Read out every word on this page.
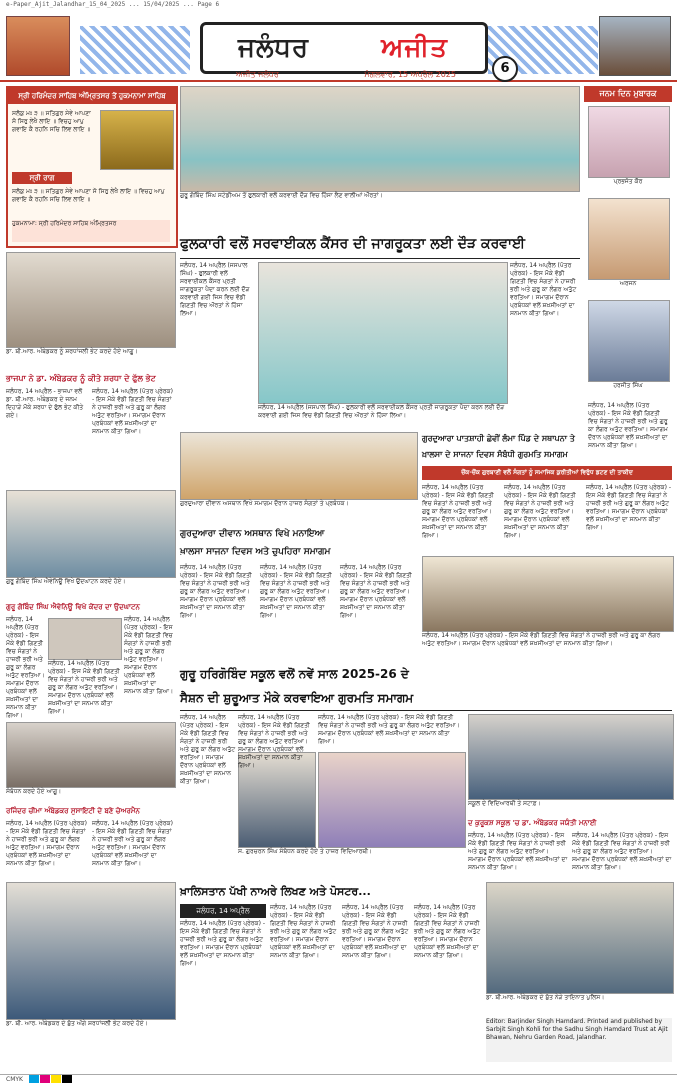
e-Paper_Ajit_Jalandhar_15_04_2025 ... 15/04/2025 ... Page 6
ਜਲੰਧਰ	ਅਜੀਤ
ਅਜੀਤ ਜਲੰਧਰ	ਮੰਗਲਵਾਰ, 15 ਅਪ੍ਰੈਲ 2025	6
ਸ੍ਰੀ ਹਰਿਮੰਦਰ ਸਾਹਿਬ ਅੰਮ੍ਰਿਤਸਰ ਤੋਂ ਹੁਕਮਨਾਮਾ ਸਾਹਿਬ
ਸਲੋਕੁ ਮਃ ੩ ॥ ਸਤਿਗੁਰ ਸੇਵੇ ਆਪਣਾ ਸੋ ਸਿਰੁ ਲੇਖੈ ਲਾਇ ॥ ਵਿਚਹੁ ਆਪੁ ਗਵਾਇ ਕੈ ਰਹਨਿ ਸਚਿ ਲਿਵ ਲਾਇ ॥
ਸ੍ਰੀ ਰਾਗ
ਸਲੋਕੁ ਮਃ ੩ ॥ ਸਤਿਗੁਰ ਸੇਵੇ ਆਪਣਾ ਸੋ ਸਿਰੁ ਲੇਖੈ ਲਾਇ ॥ ਵਿਚਹੁ ਆਪੁ ਗਵਾਇ ਕੈ ਰਹਨਿ ਸਚਿ ਲਿਵ ਲਾਇ ॥
ਹੁਕਮਨਾਮਾ: ਸ੍ਰੀ ਹਰਿਮੰਦਰ ਸਾਹਿਬ ਅੰਮ੍ਰਿਤਸਰ
ਗੁਰੂ ਗੋਬਿੰਦ ਸਿੰਘ ਸਟੇਡੀਅਮ ਤੋਂ ਫੁਲਕਾਰੀ ਵਲੋਂ ਕਰਵਾਈ ਦੌੜ ਵਿਚ ਹਿੱਸਾ ਲੈਣ ਵਾਲੀਆਂ ਔਰਤਾਂ।
ਜਨਮ ਦਿਨ ਮੁਬਾਰਕ
ਪ੍ਰਭਜੋਤ ਕੌਰ
ਅਰਜਨ
ਹਰਜੀਤ ਸਿੰਘ
ਜਲੰਧਰ, 14 ਅਪ੍ਰੈਲ (ਪੱਤਰ ਪ੍ਰੇਰਕ) - ਇਸ ਮੌਕੇ ਵੱਡੀ ਗਿਣਤੀ ਵਿਚ ਸੰਗਤਾਂ ਨੇ ਹਾਜ਼ਰੀ ਭਰੀ ਅਤੇ ਗੁਰੂ ਕਾ ਲੰਗਰ ਅਤੁੱਟ ਵਰਤਿਆ। ਸਮਾਗਮ ਦੌਰਾਨ ਪ੍ਰਬੰਧਕਾਂ ਵਲੋਂ ਸ਼ਖ਼ਸੀਅਤਾਂ ਦਾ ਸਨਮਾਨ ਕੀਤਾ ਗਿਆ।
ਫੁਲਕਾਰੀ ਵਲੋਂ ਸਰਵਾਈਕਲ ਕੈਂਸਰ ਦੀ ਜਾਗਰੂਕਤਾ ਲਈ ਦੌੜ ਕਰਵਾਈ
ਜਲੰਧਰ, 14 ਅਪ੍ਰੈਲ (ਜਸਪਾਲ ਸਿੰਘ) - ਫੁਲਕਾਰੀ ਵਲੋਂ ਸਰਵਾਈਕਲ ਕੈਂਸਰ ਪ੍ਰਤੀ ਜਾਗਰੂਕਤਾ ਪੈਦਾ ਕਰਨ ਲਈ ਦੌੜ ਕਰਵਾਈ ਗਈ ਜਿਸ ਵਿਚ ਵੱਡੀ ਗਿਣਤੀ ਵਿਚ ਔਰਤਾਂ ਨੇ ਹਿੱਸਾ ਲਿਆ।
ਜਲੰਧਰ, 14 ਅਪ੍ਰੈਲ (ਪੱਤਰ ਪ੍ਰੇਰਕ) - ਇਸ ਮੌਕੇ ਵੱਡੀ ਗਿਣਤੀ ਵਿਚ ਸੰਗਤਾਂ ਨੇ ਹਾਜ਼ਰੀ ਭਰੀ ਅਤੇ ਗੁਰੂ ਕਾ ਲੰਗਰ ਅਤੁੱਟ ਵਰਤਿਆ। ਸਮਾਗਮ ਦੌਰਾਨ ਪ੍ਰਬੰਧਕਾਂ ਵਲੋਂ ਸ਼ਖ਼ਸੀਅਤਾਂ ਦਾ ਸਨਮਾਨ ਕੀਤਾ ਗਿਆ।
ਜਲੰਧਰ, 14 ਅਪ੍ਰੈਲ (ਜਸਪਾਲ ਸਿੰਘ) - ਫੁਲਕਾਰੀ ਵਲੋਂ ਸਰਵਾਈਕਲ ਕੈਂਸਰ ਪ੍ਰਤੀ ਜਾਗਰੂਕਤਾ ਪੈਦਾ ਕਰਨ ਲਈ ਦੌੜ ਕਰਵਾਈ ਗਈ ਜਿਸ ਵਿਚ ਵੱਡੀ ਗਿਣਤੀ ਵਿਚ ਔਰਤਾਂ ਨੇ ਹਿੱਸਾ ਲਿਆ।
ਡਾ. ਬੀ.ਆਰ. ਅੰਬੇਡਕਰ ਨੂੰ ਸ਼ਰਧਾਂਜਲੀ ਭੇਟ ਕਰਦੇ ਹੋਏ ਆਗੂ।
ਭਾਜਪਾ ਨੇ ਡਾ. ਅੰਬੇਡਕਰ ਨੂੰ ਕੀਤੇ ਸ਼ਰਧਾ ਦੇ ਫੁੱਲ ਭੇਟ
ਜਲੰਧਰ, 14 ਅਪ੍ਰੈਲ - ਭਾਜਪਾ ਵਲੋਂ ਡਾ. ਬੀ.ਆਰ. ਅੰਬੇਡਕਰ ਦੇ ਜਨਮ ਦਿਹਾੜੇ ਮੌਕੇ ਸ਼ਰਧਾ ਦੇ ਫੁੱਲ ਭੇਟ ਕੀਤੇ ਗਏ।
ਜਲੰਧਰ, 14 ਅਪ੍ਰੈਲ (ਪੱਤਰ ਪ੍ਰੇਰਕ) - ਇਸ ਮੌਕੇ ਵੱਡੀ ਗਿਣਤੀ ਵਿਚ ਸੰਗਤਾਂ ਨੇ ਹਾਜ਼ਰੀ ਭਰੀ ਅਤੇ ਗੁਰੂ ਕਾ ਲੰਗਰ ਅਤੁੱਟ ਵਰਤਿਆ। ਸਮਾਗਮ ਦੌਰਾਨ ਪ੍ਰਬੰਧਕਾਂ ਵਲੋਂ ਸ਼ਖ਼ਸੀਅਤਾਂ ਦਾ ਸਨਮਾਨ ਕੀਤਾ ਗਿਆ।
ਗੁਰਦੁਆਰਾ ਦੀਵਾਨ ਅਸਥਾਨ ਵਿਖੇ ਸਮਾਗਮ ਦੌਰਾਨ ਹਾਜ਼ਰ ਸੰਗਤਾਂ ਤੇ ਪ੍ਰਬੰਧਕ।
ਗੁਰਦੁਆਰਾ ਪਾਤਸ਼ਾਹੀ ਛੇਵੀਂ ਲੰਮਾ ਪਿੰਡ ਦੇ ਸਥਾਪਨਾ ਤੇ
ਖ਼ਾਲਸਾ ਦੇ ਸਾਜਨਾ ਦਿਵਸ ਸੰਬੰਧੀ ਗੁਰਮਤਿ ਸਮਾਗਮ
ਚੌਂਕ-ਚੌਂਕ ਗੁਰਬਾਣੀ ਵਲੋਂ ਸੰਗਤਾਂ ਨੂੰ ਸਮਾਜਿਕ ਕੁਰੀਤੀਆਂ ਵਿਰੁੱਧ ਡਟਣ ਦੀ ਤਾਕੀਦ
ਜਲੰਧਰ, 14 ਅਪ੍ਰੈਲ (ਪੱਤਰ ਪ੍ਰੇਰਕ) - ਇਸ ਮੌਕੇ ਵੱਡੀ ਗਿਣਤੀ ਵਿਚ ਸੰਗਤਾਂ ਨੇ ਹਾਜ਼ਰੀ ਭਰੀ ਅਤੇ ਗੁਰੂ ਕਾ ਲੰਗਰ ਅਤੁੱਟ ਵਰਤਿਆ। ਸਮਾਗਮ ਦੌਰਾਨ ਪ੍ਰਬੰਧਕਾਂ ਵਲੋਂ ਸ਼ਖ਼ਸੀਅਤਾਂ ਦਾ ਸਨਮਾਨ ਕੀਤਾ ਗਿਆ।
ਜਲੰਧਰ, 14 ਅਪ੍ਰੈਲ (ਪੱਤਰ ਪ੍ਰੇਰਕ) - ਇਸ ਮੌਕੇ ਵੱਡੀ ਗਿਣਤੀ ਵਿਚ ਸੰਗਤਾਂ ਨੇ ਹਾਜ਼ਰੀ ਭਰੀ ਅਤੇ ਗੁਰੂ ਕਾ ਲੰਗਰ ਅਤੁੱਟ ਵਰਤਿਆ। ਸਮਾਗਮ ਦੌਰਾਨ ਪ੍ਰਬੰਧਕਾਂ ਵਲੋਂ ਸ਼ਖ਼ਸੀਅਤਾਂ ਦਾ ਸਨਮਾਨ ਕੀਤਾ ਗਿਆ।
ਜਲੰਧਰ, 14 ਅਪ੍ਰੈਲ (ਪੱਤਰ ਪ੍ਰੇਰਕ) - ਇਸ ਮੌਕੇ ਵੱਡੀ ਗਿਣਤੀ ਵਿਚ ਸੰਗਤਾਂ ਨੇ ਹਾਜ਼ਰੀ ਭਰੀ ਅਤੇ ਗੁਰੂ ਕਾ ਲੰਗਰ ਅਤੁੱਟ ਵਰਤਿਆ। ਸਮਾਗਮ ਦੌਰਾਨ ਪ੍ਰਬੰਧਕਾਂ ਵਲੋਂ ਸ਼ਖ਼ਸੀਅਤਾਂ ਦਾ ਸਨਮਾਨ ਕੀਤਾ ਗਿਆ।
ਜਲੰਧਰ, 14 ਅਪ੍ਰੈਲ (ਪੱਤਰ ਪ੍ਰੇਰਕ) - ਇਸ ਮੌਕੇ ਵੱਡੀ ਗਿਣਤੀ ਵਿਚ ਸੰਗਤਾਂ ਨੇ ਹਾਜ਼ਰੀ ਭਰੀ ਅਤੇ ਗੁਰੂ ਕਾ ਲੰਗਰ ਅਤੁੱਟ ਵਰਤਿਆ। ਸਮਾਗਮ ਦੌਰਾਨ ਪ੍ਰਬੰਧਕਾਂ ਵਲੋਂ ਸ਼ਖ਼ਸੀਅਤਾਂ ਦਾ ਸਨਮਾਨ ਕੀਤਾ ਗਿਆ।
ਗੁਰਦੁਆਰਾ ਦੀਵਾਨ ਅਸਥਾਨ ਵਿਖੇ ਮਨਾਇਆ
ਖ਼ਾਲਸਾ ਸਾਜਨਾ ਦਿਵਸ ਅਤੇ ਚੁਪਹਿਰਾ ਸਮਾਗਮ
ਜਲੰਧਰ, 14 ਅਪ੍ਰੈਲ (ਪੱਤਰ ਪ੍ਰੇਰਕ) - ਇਸ ਮੌਕੇ ਵੱਡੀ ਗਿਣਤੀ ਵਿਚ ਸੰਗਤਾਂ ਨੇ ਹਾਜ਼ਰੀ ਭਰੀ ਅਤੇ ਗੁਰੂ ਕਾ ਲੰਗਰ ਅਤੁੱਟ ਵਰਤਿਆ। ਸਮਾਗਮ ਦੌਰਾਨ ਪ੍ਰਬੰਧਕਾਂ ਵਲੋਂ ਸ਼ਖ਼ਸੀਅਤਾਂ ਦਾ ਸਨਮਾਨ ਕੀਤਾ ਗਿਆ।
ਜਲੰਧਰ, 14 ਅਪ੍ਰੈਲ (ਪੱਤਰ ਪ੍ਰੇਰਕ) - ਇਸ ਮੌਕੇ ਵੱਡੀ ਗਿਣਤੀ ਵਿਚ ਸੰਗਤਾਂ ਨੇ ਹਾਜ਼ਰੀ ਭਰੀ ਅਤੇ ਗੁਰੂ ਕਾ ਲੰਗਰ ਅਤੁੱਟ ਵਰਤਿਆ। ਸਮਾਗਮ ਦੌਰਾਨ ਪ੍ਰਬੰਧਕਾਂ ਵਲੋਂ ਸ਼ਖ਼ਸੀਅਤਾਂ ਦਾ ਸਨਮਾਨ ਕੀਤਾ ਗਿਆ।
ਜਲੰਧਰ, 14 ਅਪ੍ਰੈਲ (ਪੱਤਰ ਪ੍ਰੇਰਕ) - ਇਸ ਮੌਕੇ ਵੱਡੀ ਗਿਣਤੀ ਵਿਚ ਸੰਗਤਾਂ ਨੇ ਹਾਜ਼ਰੀ ਭਰੀ ਅਤੇ ਗੁਰੂ ਕਾ ਲੰਗਰ ਅਤੁੱਟ ਵਰਤਿਆ। ਸਮਾਗਮ ਦੌਰਾਨ ਪ੍ਰਬੰਧਕਾਂ ਵਲੋਂ ਸ਼ਖ਼ਸੀਅਤਾਂ ਦਾ ਸਨਮਾਨ ਕੀਤਾ ਗਿਆ।
ਗੁਰੂ ਗੋਬਿੰਦ ਸਿੰਘ ਐਵੇਨਿਊ ਵਿਖੇ ਉਦਘਾਟਨ ਕਰਦੇ ਹੋਏ।
ਗੁਰੂ ਗੋਬਿੰਦ ਸਿੰਘ ਐਵੇਨਿਊ ਵਿਖੇ ਕੇਂਦਰ ਦਾ ਉਦਘਾਟਨ
ਜਲੰਧਰ, 14 ਅਪ੍ਰੈਲ (ਪੱਤਰ ਪ੍ਰੇਰਕ) - ਇਸ ਮੌਕੇ ਵੱਡੀ ਗਿਣਤੀ ਵਿਚ ਸੰਗਤਾਂ ਨੇ ਹਾਜ਼ਰੀ ਭਰੀ ਅਤੇ ਗੁਰੂ ਕਾ ਲੰਗਰ ਅਤੁੱਟ ਵਰਤਿਆ। ਸਮਾਗਮ ਦੌਰਾਨ ਪ੍ਰਬੰਧਕਾਂ ਵਲੋਂ ਸ਼ਖ਼ਸੀਅਤਾਂ ਦਾ ਸਨਮਾਨ ਕੀਤਾ ਗਿਆ।
ਜਲੰਧਰ, 14 ਅਪ੍ਰੈਲ (ਪੱਤਰ ਪ੍ਰੇਰਕ) - ਇਸ ਮੌਕੇ ਵੱਡੀ ਗਿਣਤੀ ਵਿਚ ਸੰਗਤਾਂ ਨੇ ਹਾਜ਼ਰੀ ਭਰੀ ਅਤੇ ਗੁਰੂ ਕਾ ਲੰਗਰ ਅਤੁੱਟ ਵਰਤਿਆ। ਸਮਾਗਮ ਦੌਰਾਨ ਪ੍ਰਬੰਧਕਾਂ ਵਲੋਂ ਸ਼ਖ਼ਸੀਅਤਾਂ ਦਾ ਸਨਮਾਨ ਕੀਤਾ ਗਿਆ।
ਜਲੰਧਰ, 14 ਅਪ੍ਰੈਲ (ਪੱਤਰ ਪ੍ਰੇਰਕ) - ਇਸ ਮੌਕੇ ਵੱਡੀ ਗਿਣਤੀ ਵਿਚ ਸੰਗਤਾਂ ਨੇ ਹਾਜ਼ਰੀ ਭਰੀ ਅਤੇ ਗੁਰੂ ਕਾ ਲੰਗਰ ਅਤੁੱਟ ਵਰਤਿਆ। ਸਮਾਗਮ ਦੌਰਾਨ ਪ੍ਰਬੰਧਕਾਂ ਵਲੋਂ ਸ਼ਖ਼ਸੀਅਤਾਂ ਦਾ ਸਨਮਾਨ ਕੀਤਾ ਗਿਆ।
ਗੁਰੂ ਹਰਿਗੋਬਿੰਦ ਸਕੂਲ ਵਲੋਂ ਨਵੇਂ ਸਾਲ 2025-26 ਦੇ
ਸੈਸ਼ਨ ਦੀ ਸ਼ੁਰੂਆਤ ਮੌਕੇ ਕਰਵਾਇਆ ਗੁਰਮਤਿ ਸਮਾਗਮ
ਜਲੰਧਰ, 14 ਅਪ੍ਰੈਲ (ਪੱਤਰ ਪ੍ਰੇਰਕ) - ਇਸ ਮੌਕੇ ਵੱਡੀ ਗਿਣਤੀ ਵਿਚ ਸੰਗਤਾਂ ਨੇ ਹਾਜ਼ਰੀ ਭਰੀ ਅਤੇ ਗੁਰੂ ਕਾ ਲੰਗਰ ਅਤੁੱਟ ਵਰਤਿਆ। ਸਮਾਗਮ ਦੌਰਾਨ ਪ੍ਰਬੰਧਕਾਂ ਵਲੋਂ ਸ਼ਖ਼ਸੀਅਤਾਂ ਦਾ ਸਨਮਾਨ ਕੀਤਾ ਗਿਆ।
ਜਲੰਧਰ, 14 ਅਪ੍ਰੈਲ (ਪੱਤਰ ਪ੍ਰੇਰਕ) - ਇਸ ਮੌਕੇ ਵੱਡੀ ਗਿਣਤੀ ਵਿਚ ਸੰਗਤਾਂ ਨੇ ਹਾਜ਼ਰੀ ਭਰੀ ਅਤੇ ਗੁਰੂ ਕਾ ਲੰਗਰ ਅਤੁੱਟ ਵਰਤਿਆ। ਸਮਾਗਮ ਦੌਰਾਨ ਪ੍ਰਬੰਧਕਾਂ ਵਲੋਂ ਸ਼ਖ਼ਸੀਅਤਾਂ ਦਾ ਸਨਮਾਨ ਕੀਤਾ ਗਿਆ।
ਜਲੰਧਰ, 14 ਅਪ੍ਰੈਲ (ਪੱਤਰ ਪ੍ਰੇਰਕ) - ਇਸ ਮੌਕੇ ਵੱਡੀ ਗਿਣਤੀ ਵਿਚ ਸੰਗਤਾਂ ਨੇ ਹਾਜ਼ਰੀ ਭਰੀ ਅਤੇ ਗੁਰੂ ਕਾ ਲੰਗਰ ਅਤੁੱਟ ਵਰਤਿਆ। ਸਮਾਗਮ ਦੌਰਾਨ ਪ੍ਰਬੰਧਕਾਂ ਵਲੋਂ ਸ਼ਖ਼ਸੀਅਤਾਂ ਦਾ ਸਨਮਾਨ ਕੀਤਾ ਗਿਆ।
ਸ. ਗੁਰਚਰਨ ਸਿੰਘ ਸੰਬੋਧਨ ਕਰਦੇ ਹੋਏ ਤੇ ਹਾਜ਼ਰ ਵਿਦਿਆਰਥੀ।
ਸੰਬੋਧਨ ਕਰਦੇ ਹੋਏ ਆਗੂ।
ਰਜਿੰਦਰ ਚੀਮਾ ਅੰਬੇਡਕਰ ਸੁਸਾਇਟੀ ਦੇ ਬਣੇ ਚੇਅਰਮੈਨ
ਜਲੰਧਰ, 14 ਅਪ੍ਰੈਲ (ਪੱਤਰ ਪ੍ਰੇਰਕ) - ਇਸ ਮੌਕੇ ਵੱਡੀ ਗਿਣਤੀ ਵਿਚ ਸੰਗਤਾਂ ਨੇ ਹਾਜ਼ਰੀ ਭਰੀ ਅਤੇ ਗੁਰੂ ਕਾ ਲੰਗਰ ਅਤੁੱਟ ਵਰਤਿਆ। ਸਮਾਗਮ ਦੌਰਾਨ ਪ੍ਰਬੰਧਕਾਂ ਵਲੋਂ ਸ਼ਖ਼ਸੀਅਤਾਂ ਦਾ ਸਨਮਾਨ ਕੀਤਾ ਗਿਆ।
ਜਲੰਧਰ, 14 ਅਪ੍ਰੈਲ (ਪੱਤਰ ਪ੍ਰੇਰਕ) - ਇਸ ਮੌਕੇ ਵੱਡੀ ਗਿਣਤੀ ਵਿਚ ਸੰਗਤਾਂ ਨੇ ਹਾਜ਼ਰੀ ਭਰੀ ਅਤੇ ਗੁਰੂ ਕਾ ਲੰਗਰ ਅਤੁੱਟ ਵਰਤਿਆ। ਸਮਾਗਮ ਦੌਰਾਨ ਪ੍ਰਬੰਧਕਾਂ ਵਲੋਂ ਸ਼ਖ਼ਸੀਅਤਾਂ ਦਾ ਸਨਮਾਨ ਕੀਤਾ ਗਿਆ।
ਸਕੂਲ ਦੇ ਵਿਦਿਆਰਥੀ ਤੇ ਸਟਾਫ਼।
ਦ ਕੁਰੂਕਸ਼ ਸਕੂਲ 'ਚ ਡਾ. ਅੰਬੇਡਕਰ ਜਯੰਤੀ ਮਨਾਈ
ਜਲੰਧਰ, 14 ਅਪ੍ਰੈਲ (ਪੱਤਰ ਪ੍ਰੇਰਕ) - ਇਸ ਮੌਕੇ ਵੱਡੀ ਗਿਣਤੀ ਵਿਚ ਸੰਗਤਾਂ ਨੇ ਹਾਜ਼ਰੀ ਭਰੀ ਅਤੇ ਗੁਰੂ ਕਾ ਲੰਗਰ ਅਤੁੱਟ ਵਰਤਿਆ। ਸਮਾਗਮ ਦੌਰਾਨ ਪ੍ਰਬੰਧਕਾਂ ਵਲੋਂ ਸ਼ਖ਼ਸੀਅਤਾਂ ਦਾ ਸਨਮਾਨ ਕੀਤਾ ਗਿਆ।
ਜਲੰਧਰ, 14 ਅਪ੍ਰੈਲ (ਪੱਤਰ ਪ੍ਰੇਰਕ) - ਇਸ ਮੌਕੇ ਵੱਡੀ ਗਿਣਤੀ ਵਿਚ ਸੰਗਤਾਂ ਨੇ ਹਾਜ਼ਰੀ ਭਰੀ ਅਤੇ ਗੁਰੂ ਕਾ ਲੰਗਰ ਅਤੁੱਟ ਵਰਤਿਆ। ਸਮਾਗਮ ਦੌਰਾਨ ਪ੍ਰਬੰਧਕਾਂ ਵਲੋਂ ਸ਼ਖ਼ਸੀਅਤਾਂ ਦਾ ਸਨਮਾਨ ਕੀਤਾ ਗਿਆ।
ਖ਼ਾਲਿਸਤਾਨ ਪੱਖੀ ਨਾਅਰੇ ਲਿਖਣ ਅਤੇ ਪੋਸਟਰ...
ਜਲੰਧਰ, 14 ਅਪ੍ਰੈਲ
ਜਲੰਧਰ, 14 ਅਪ੍ਰੈਲ (ਪੱਤਰ ਪ੍ਰੇਰਕ) - ਇਸ ਮੌਕੇ ਵੱਡੀ ਗਿਣਤੀ ਵਿਚ ਸੰਗਤਾਂ ਨੇ ਹਾਜ਼ਰੀ ਭਰੀ ਅਤੇ ਗੁਰੂ ਕਾ ਲੰਗਰ ਅਤੁੱਟ ਵਰਤਿਆ। ਸਮਾਗਮ ਦੌਰਾਨ ਪ੍ਰਬੰਧਕਾਂ ਵਲੋਂ ਸ਼ਖ਼ਸੀਅਤਾਂ ਦਾ ਸਨਮਾਨ ਕੀਤਾ ਗਿਆ।
ਜਲੰਧਰ, 14 ਅਪ੍ਰੈਲ (ਪੱਤਰ ਪ੍ਰੇਰਕ) - ਇਸ ਮੌਕੇ ਵੱਡੀ ਗਿਣਤੀ ਵਿਚ ਸੰਗਤਾਂ ਨੇ ਹਾਜ਼ਰੀ ਭਰੀ ਅਤੇ ਗੁਰੂ ਕਾ ਲੰਗਰ ਅਤੁੱਟ ਵਰਤਿਆ। ਸਮਾਗਮ ਦੌਰਾਨ ਪ੍ਰਬੰਧਕਾਂ ਵਲੋਂ ਸ਼ਖ਼ਸੀਅਤਾਂ ਦਾ ਸਨਮਾਨ ਕੀਤਾ ਗਿਆ।
ਜਲੰਧਰ, 14 ਅਪ੍ਰੈਲ (ਪੱਤਰ ਪ੍ਰੇਰਕ) - ਇਸ ਮੌਕੇ ਵੱਡੀ ਗਿਣਤੀ ਵਿਚ ਸੰਗਤਾਂ ਨੇ ਹਾਜ਼ਰੀ ਭਰੀ ਅਤੇ ਗੁਰੂ ਕਾ ਲੰਗਰ ਅਤੁੱਟ ਵਰਤਿਆ। ਸਮਾਗਮ ਦੌਰਾਨ ਪ੍ਰਬੰਧਕਾਂ ਵਲੋਂ ਸ਼ਖ਼ਸੀਅਤਾਂ ਦਾ ਸਨਮਾਨ ਕੀਤਾ ਗਿਆ।
ਜਲੰਧਰ, 14 ਅਪ੍ਰੈਲ (ਪੱਤਰ ਪ੍ਰੇਰਕ) - ਇਸ ਮੌਕੇ ਵੱਡੀ ਗਿਣਤੀ ਵਿਚ ਸੰਗਤਾਂ ਨੇ ਹਾਜ਼ਰੀ ਭਰੀ ਅਤੇ ਗੁਰੂ ਕਾ ਲੰਗਰ ਅਤੁੱਟ ਵਰਤਿਆ। ਸਮਾਗਮ ਦੌਰਾਨ ਪ੍ਰਬੰਧਕਾਂ ਵਲੋਂ ਸ਼ਖ਼ਸੀਅਤਾਂ ਦਾ ਸਨਮਾਨ ਕੀਤਾ ਗਿਆ।
ਡਾ. ਬੀ.ਆਰ. ਅੰਬੇਡਕਰ ਦੇ ਬੁੱਤ ਨੇੜੇ ਤਾਇਨਾਤ ਪੁਲਿਸ।
Editor: Barjinder Singh Hamdard. Printed and published by Sarbjit Singh Kohli for the Sadhu Singh Hamdard Trust at Ajit Bhawan, Nehru Garden Road, Jalandhar.
ਡਾ. ਬੀ. ਆਰ. ਅੰਬੇਡਕਰ ਦੇ ਬੁੱਤ ਅੱਗੇ ਸ਼ਰਧਾਂਜਲੀ ਭੇਟ ਕਰਦੇ ਹੋਏ।
CMYK
